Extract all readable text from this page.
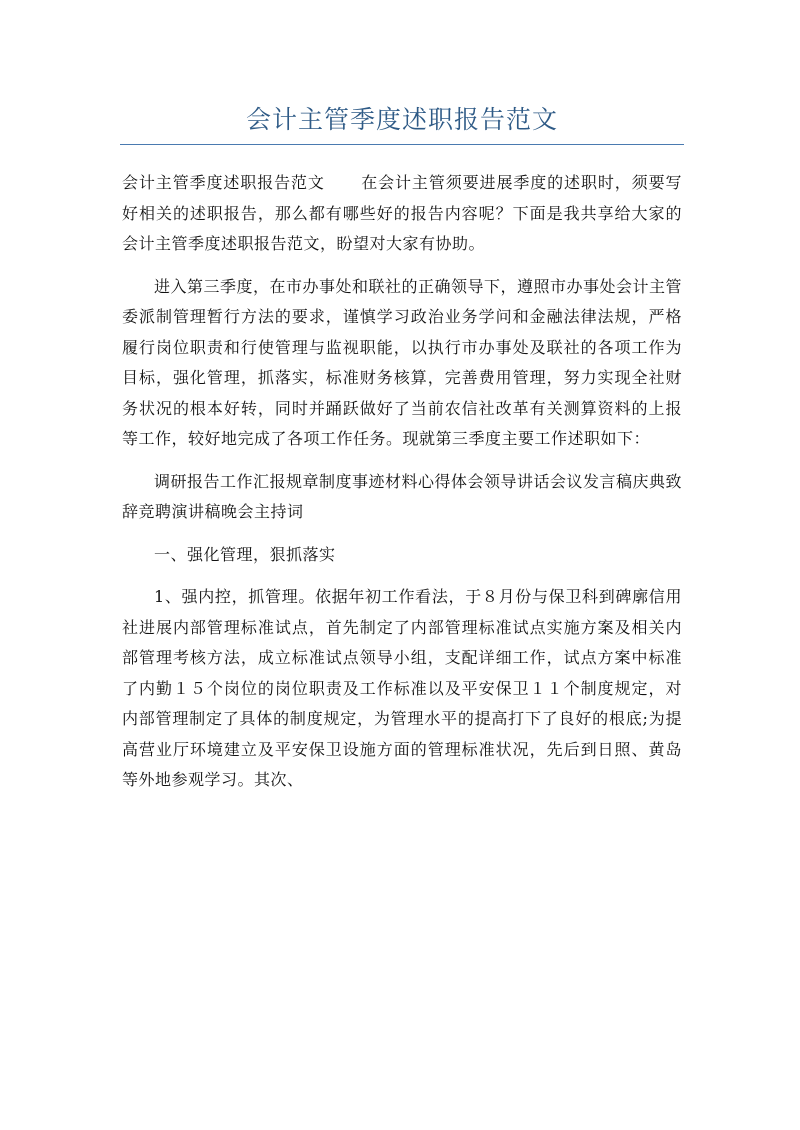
会计主管季度述职报告范文

会计主管季度述职报告范文 在会计主管须要进展季度的述职时，须要写好相关的述职报告，那么都有哪些好的报告内容呢？下面是我共享给大家的会计主管季度述职报告范文，盼望对大家有协助。

进入第三季度，在市办事处和联社的正确领导下，遵照市办事处会计主管委派制管理暂行方法的要求，谨慎学习政治业务学问和金融法律法规，严格履行岗位职责和行使管理与监视职能，以执行市办事处及联社的各项工作为目标，强化管理，抓落实，标准财务核算，完善费用管理，努力实现全社财务状况的根本好转，同时并踊跃做好了当前农信社改革有关测算资料的上报等工作，较好地完成了各项工作任务。现就第三季度主要工作述职如下：

调研报告工作汇报规章制度事迹材料心得体会领导讲话会议发言稿庆典致辞竞聘演讲稿晚会主持词

一、强化管理，狠抓落实

1、强内控，抓管理。依据年初工作看法，于８月份与保卫科到碑廓信用社进展内部管理标准试点，首先制定了内部管理标准试点实施方案及相关内部管理考核方法，成立标准试点领导小组，支配详细工作，试点方案中标准了内勤１５个岗位的岗位职责及工作标准以及平安保卫１１个制度规定，对内部管理制定了具体的制度规定，为管理水平的提高打下了良好的根底;为提高营业厅环境建立及平安保卫设施方面的管理标准状况，先后到日照、黄岛等外地参观学习。其次、
